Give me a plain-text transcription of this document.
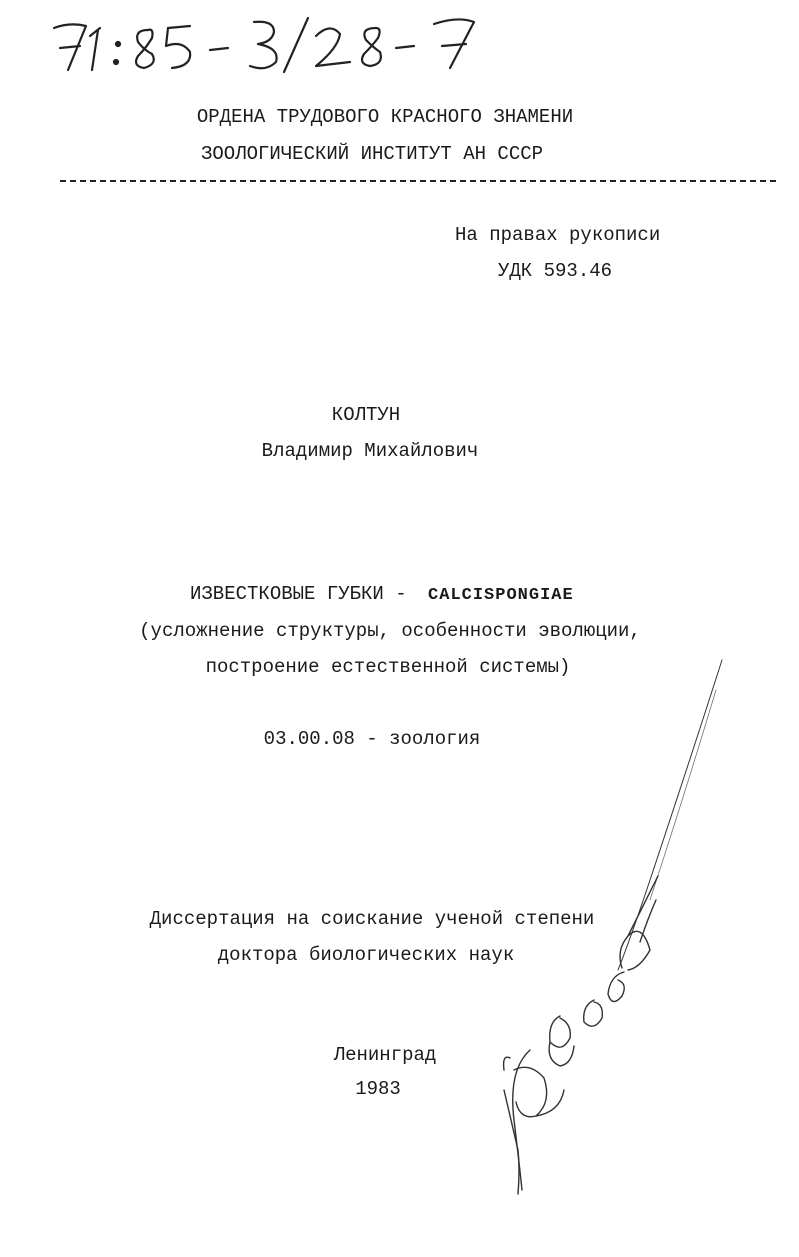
ОРДЕНА ТРУДОВОГО КРАСНОГО ЗНАМЕНИ
ЗООЛОГИЧЕСКИЙ ИНСТИТУТ АН СССР
На правах рукописи
УДК 593.46
КОЛТУН
Владимир Михайлович
ИЗВЕСТКОВЫЕ ГУБКИ - CALCISPONGIAE
(усложнение структуры, особенности эволюции,
построение естественной системы)
03.00.08 - зоология
Диссертация на соискание ученой степени
доктора биологических наук
Ленинград
1983
